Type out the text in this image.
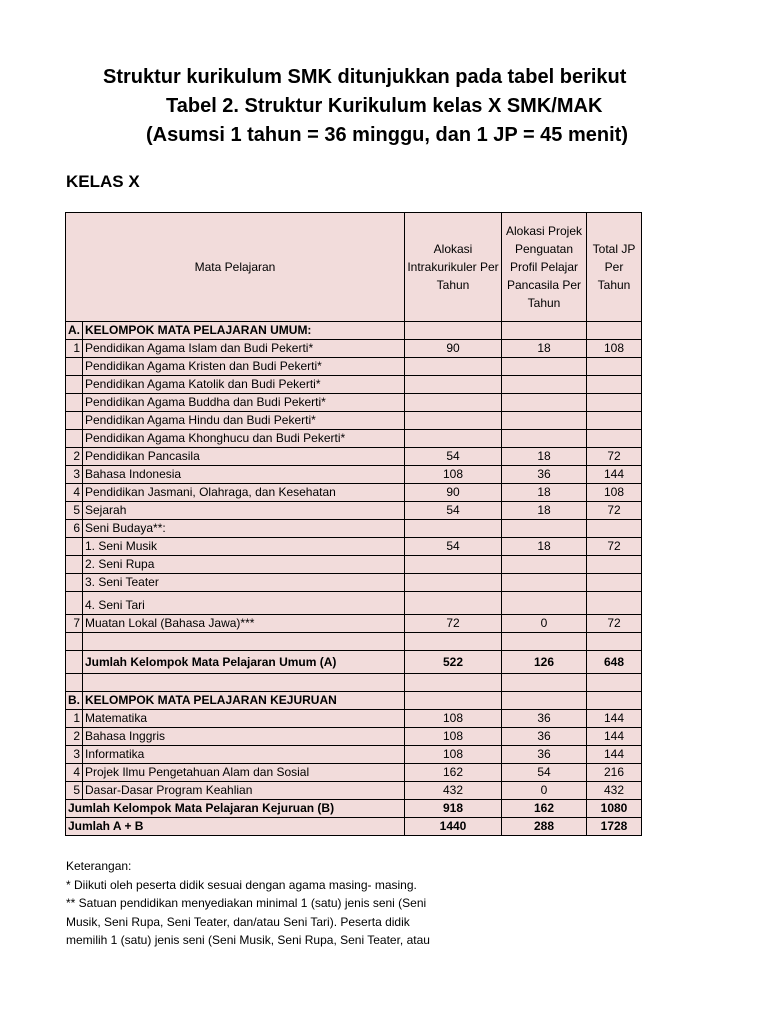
Struktur kurikulum SMK ditunjukkan pada tabel berikut
Tabel 2. Struktur Kurikulum kelas X SMK/MAK
(Asumsi 1 tahun = 36 minggu, dan 1 JP = 45 menit)
KELAS X
Mata Pelajaran		Alokasi Intrakurikuler Per Tahun	Alokasi Projek Penguatan Profil Pelajar Pancasila Per Tahun	Total JP Per Tahun
A.	KELOMPOK MATA PELAJARAN UMUM:			
1	Pendidikan Agama Islam dan Budi Pekerti*	90	18	108
	Pendidikan Agama Kristen dan Budi Pekerti*			
	Pendidikan Agama Katolik dan Budi Pekerti*			
	Pendidikan Agama Buddha dan Budi Pekerti*			
	Pendidikan Agama Hindu dan Budi Pekerti*			
	Pendidikan Agama Khonghucu dan Budi Pekerti*			
2	Pendidikan Pancasila	54	18	72
3	Bahasa Indonesia	108	36	144
4	Pendidikan Jasmani, Olahraga, dan Kesehatan	90	18	108
5	Sejarah	54	18	72
6	Seni Budaya**:			
	1. Seni Musik	54	18	72
	2. Seni Rupa			
	3. Seni Teater			
	4. Seni Tari			
7	Muatan Lokal (Bahasa Jawa)***	72	0	72

	Jumlah Kelompok Mata Pelajaran Umum (A)	522	126	648

B.	KELOMPOK MATA PELAJARAN KEJURUAN			
1	Matematika	108	36	144
2	Bahasa Inggris	108	36	144
3	Informatika	108	36	144
4	Projek Ilmu Pengetahuan Alam dan Sosial	162	54	216
5	Dasar-Dasar Program Keahlian	432	0	432
Jumlah Kelompok Mata Pelajaran Kejuruan (B)		918	162	1080
Jumlah A + B		1440	288	1728
Keterangan:
* Diikuti oleh peserta didik sesuai dengan agama masing- masing.
** Satuan pendidikan menyediakan minimal 1 (satu) jenis seni (Seni
Musik, Seni Rupa, Seni Teater, dan/atau Seni Tari). Peserta didik
memilih 1 (satu) jenis seni (Seni Musik, Seni Rupa, Seni Teater, atau
